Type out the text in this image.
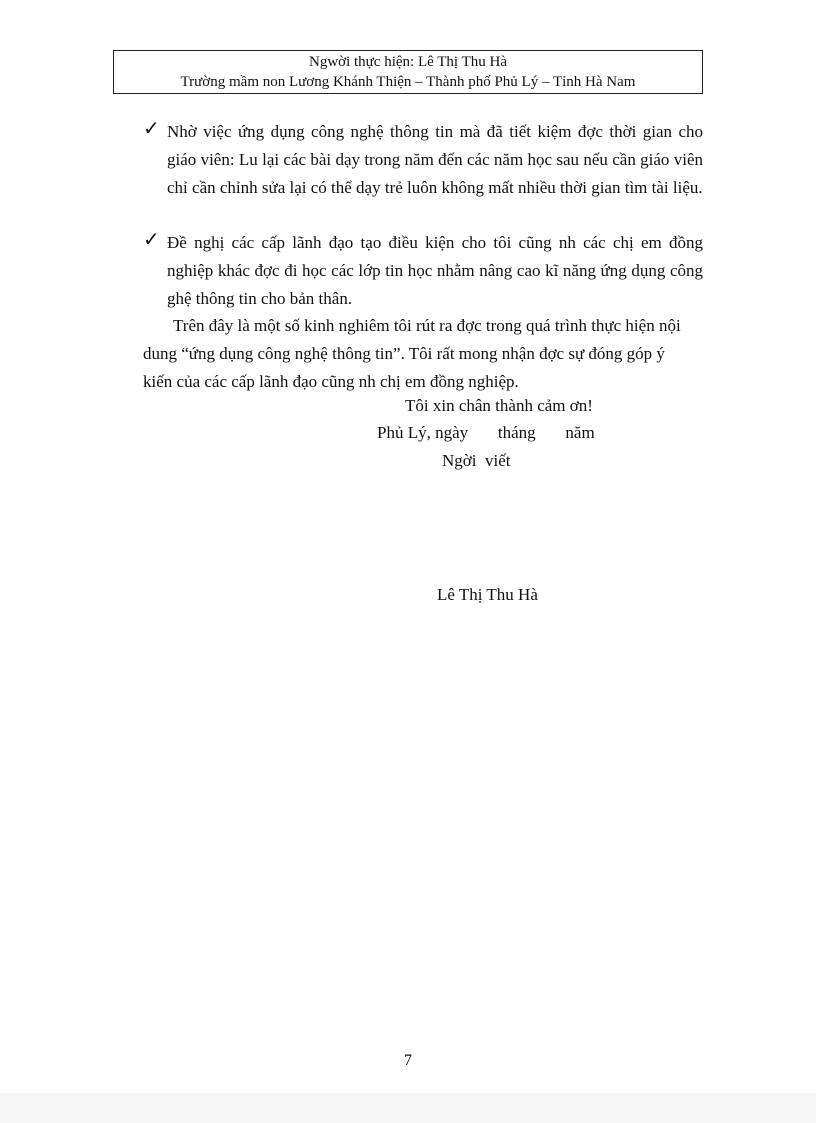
Ngwời thực hiện: Lê Thị Thu Hà
Trường mầm non Lương Khánh Thiện – Thành phố Phủ Lý – Tỉnh Hà Nam
✓ Nhờ việc ứng dụng công nghệ thông tin mà đã tiết kiệm đợc thời gian cho giáo viên: Lu lại các bài dạy trong năm đến các năm học sau nếu cần giáo viên chỉ cần chỉnh sửa lại có thể dạy trẻ luôn không mất nhiều thời gian tìm tài liệu.
✓ Đề nghị các cấp lãnh đạo tạo điều kiện cho tôi cũng nh các chị em đồng nghiệp khác đợc đi học các lớp tin học nhằm nâng cao kĩ năng ứng dụng công ghệ thông tin cho bản thân.
Trên đây là một số kinh nghiêm tôi rút ra đợc trong quá trình thực hiện nội dung “ứng dụng công nghệ thông tin”. Tôi rất mong nhận đợc sự đóng góp ý kiến của các cấp lãnh đạo cũng nh chị em đồng nghiệp.
Tôi xin chân thành cảm ơn!
Phủ Lý, ngày       tháng       năm
Ngời  viết
Lê Thị Thu Hà
7
